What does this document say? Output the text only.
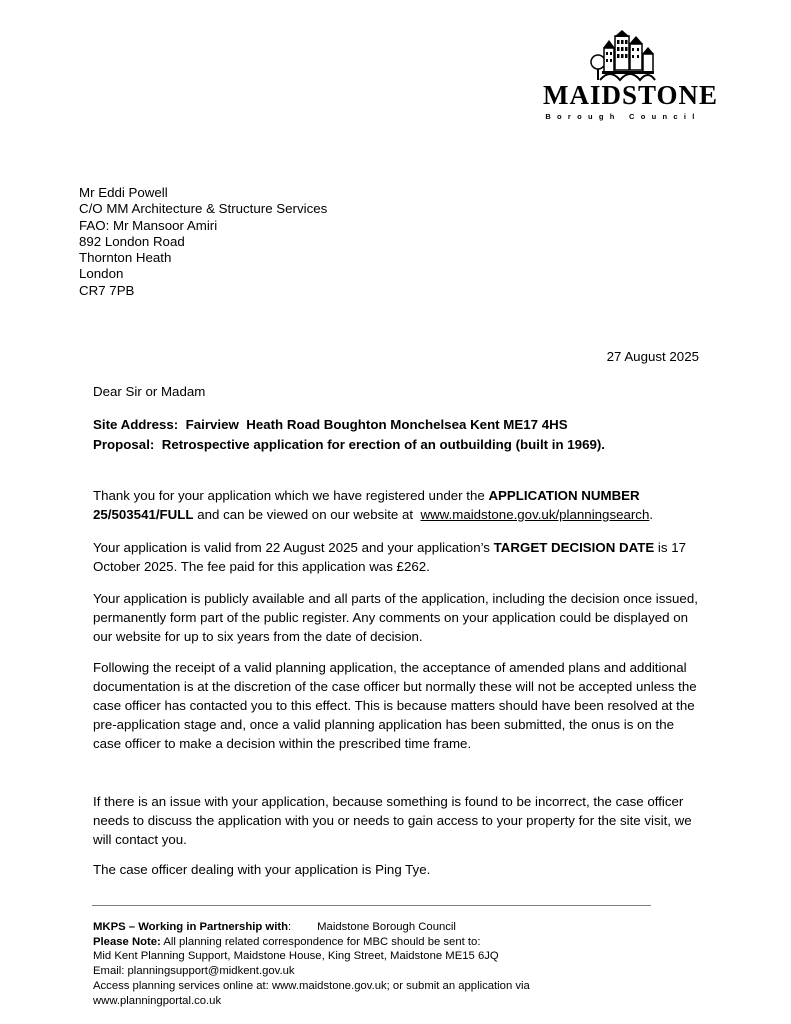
MAIDSTONE
Borough Council
Mr Eddi Powell
C/O MM Architecture & Structure Services
FAO: Mr Mansoor Amiri
892 London Road
Thornton Heath
London
CR7 7PB
27 August 2025
Dear Sir or Madam
Site Address: Fairview  Heath Road Boughton Monchelsea Kent ME17 4HS
Proposal: Retrospective application for erection of an outbuilding (built in 1969).

Thank you for your application which we have registered under the APPLICATION NUMBER 25/503541/FULL and can be viewed on our website at  www.maidstone.gov.uk/planningsearch.

Your application is valid from 22 August 2025 and your application’s TARGET DECISION DATE is 17 October 2025. The fee paid for this application was £262.

Your application is publicly available and all parts of the application, including the decision once issued, permanently form part of the public register. Any comments on your application could be displayed on our website for up to six years from the date of decision.

Following the receipt of a valid planning application, the acceptance of amended plans and additional documentation is at the discretion of the case officer but normally these will not be accepted unless the case officer has contacted you to this effect. This is because matters should have been resolved at the pre-application stage and, once a valid planning application has been submitted, the onus is on the case officer to make a decision within the prescribed time frame.

If there is an issue with your application, because something is found to be incorrect, the case officer needs to discuss the application with you or needs to gain access to your property for the site visit, we will contact you.

The case officer dealing with your application is Ping Tye.

MKPS – Working in Partnership with: Maidstone Borough Council
Please Note: All planning related correspondence for MBC should be sent to:
Mid Kent Planning Support, Maidstone House, King Street, Maidstone ME15 6JQ
Email: planningsupport@midkent.gov.uk
Access planning services online at: www.maidstone.gov.uk; or submit an application via
www.planningportal.co.uk
